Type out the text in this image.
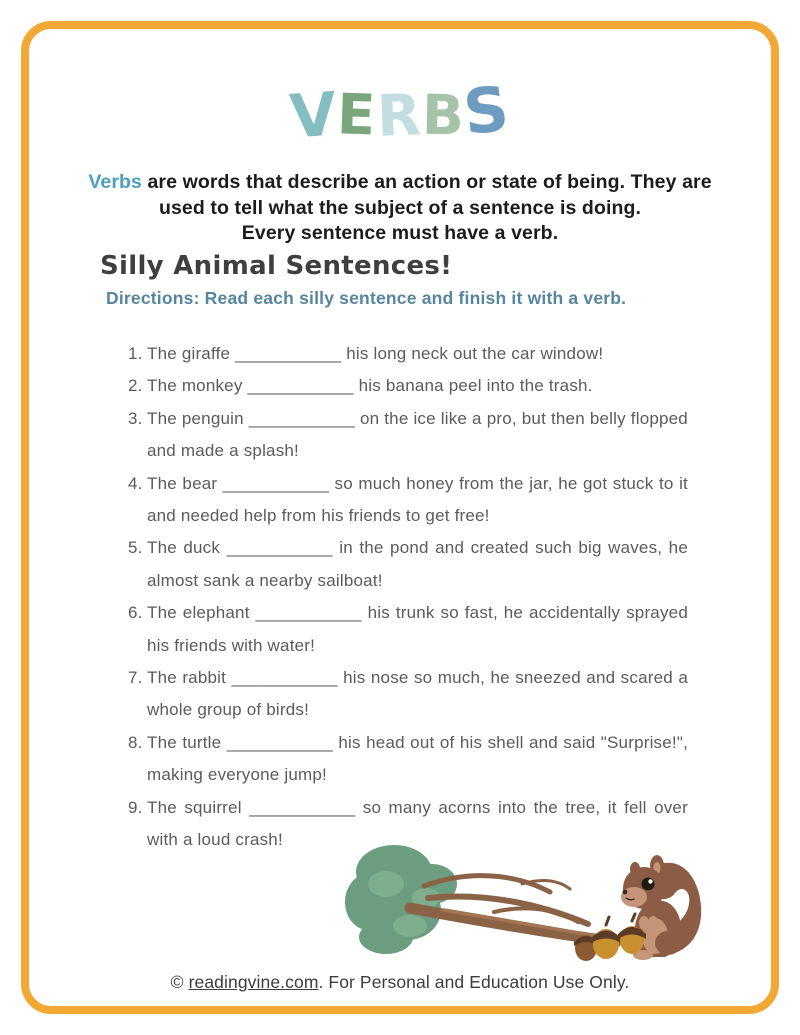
VERBS
Verbs are words that describe an action or state of being. They are
used to tell what the subject of a sentence is doing.
Every sentence must have a verb.
Silly Animal Sentences!
Directions: Read each silly sentence and finish it with a verb.

1. The giraffe ___________ his long neck out the car window!

2. The monkey ___________ his banana peel into the trash.

3. The penguin ___________ on the ice like a pro, but then belly flopped and made a splash!

4. The bear ___________ so much honey from the jar, he got stuck to it and needed help from his friends to get free!

5. The duck ___________ in the pond and created such big waves, he almost sank a nearby sailboat!

6. The elephant ___________ his trunk so fast, he accidentally sprayed his friends with water!

7. The rabbit ___________ his nose so much, he sneezed and scared a whole group of birds!

8. The turtle ___________ his head out of his shell and said "Surprise!", making everyone jump!

9. The squirrel ___________ so many acorns into the tree, it fell over with a loud crash!

© readingvine.com. For Personal and Education Use Only.
